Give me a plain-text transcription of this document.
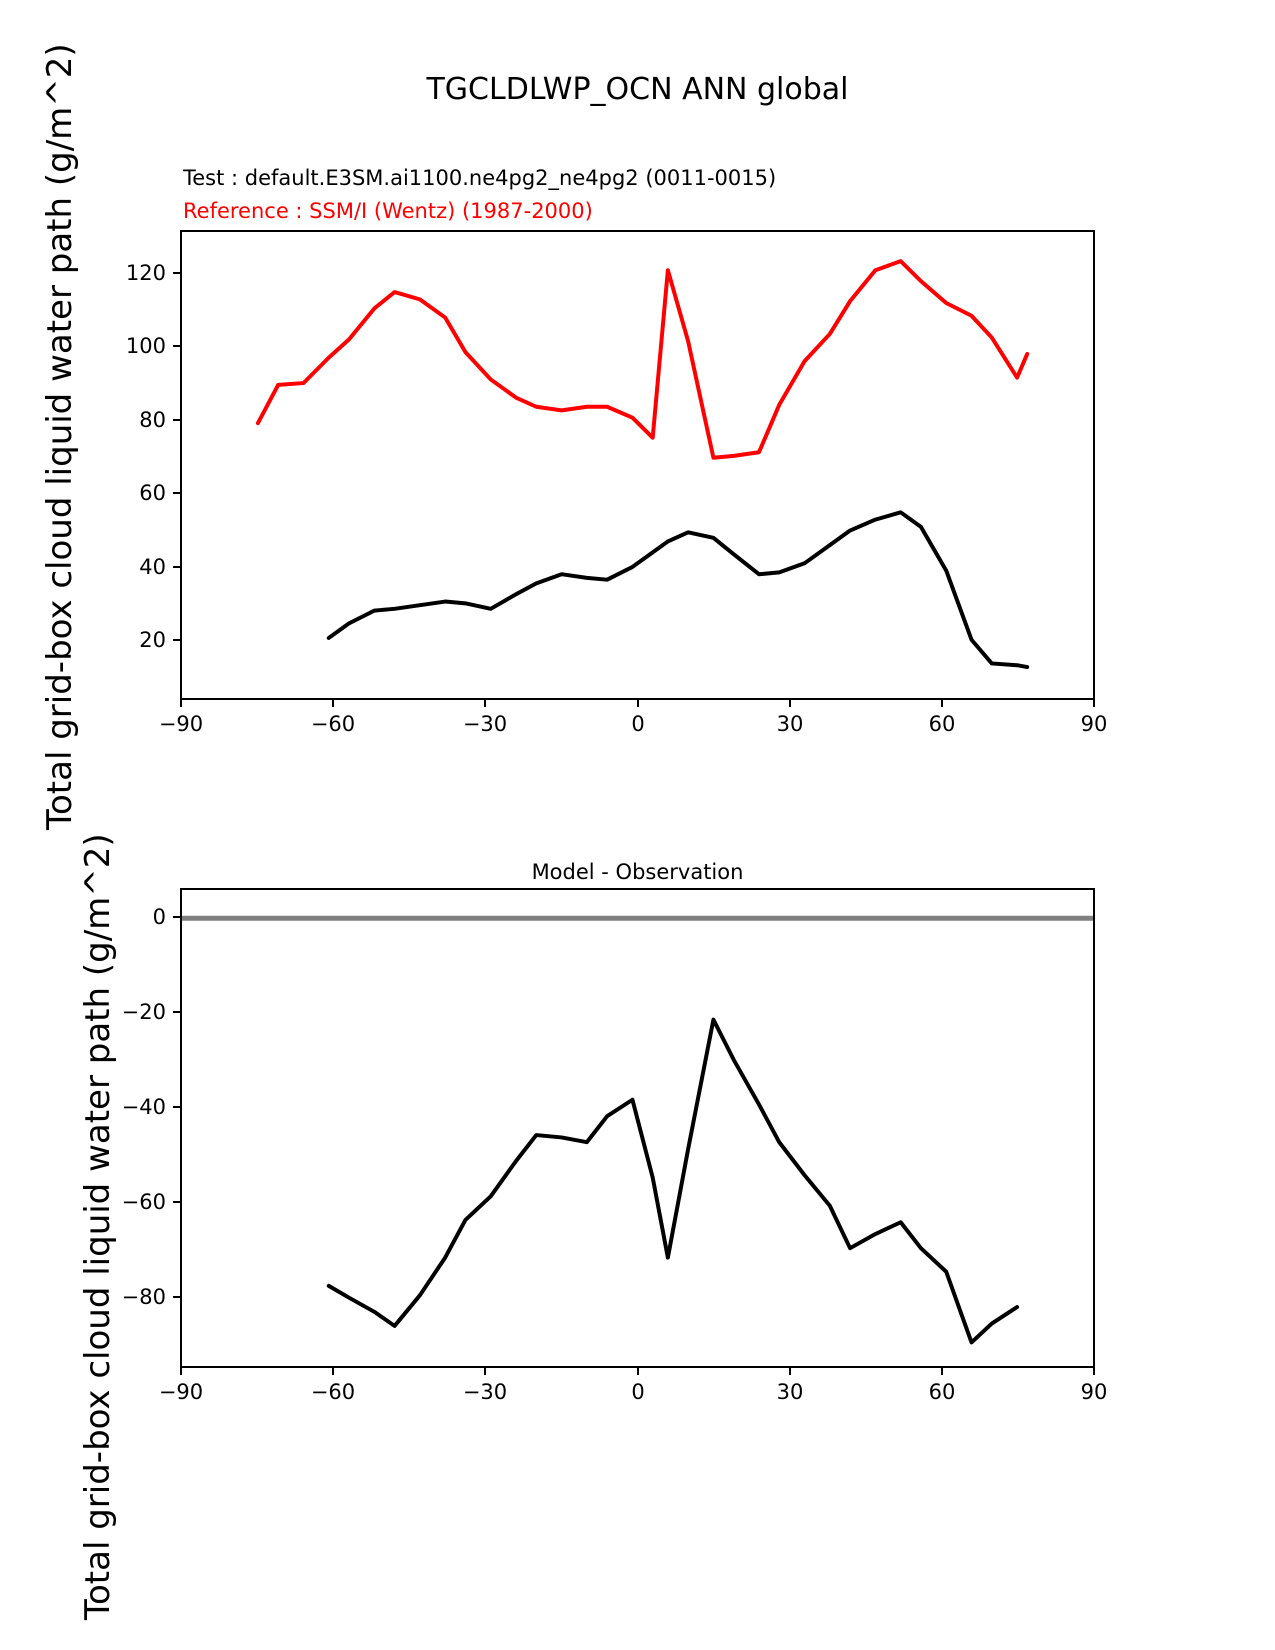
Total grid-box cloud liquid water path (g/m^2)
Total grid-box cloud liquid water path (g/m^2)	TGCLDLWP_OCN ANN global
Test : default.E3SM.ai1100.ne4pg2_ne4pg2 (0011-0015)
Reference : SSM/I (Wentz) (1987-2000)
−90	−60	−30	0	30	60	90
120
100
80
60
40
20
Model - Observation
−90	−60	−30	0	30	60	90
0
−20
−40
−60
−80
